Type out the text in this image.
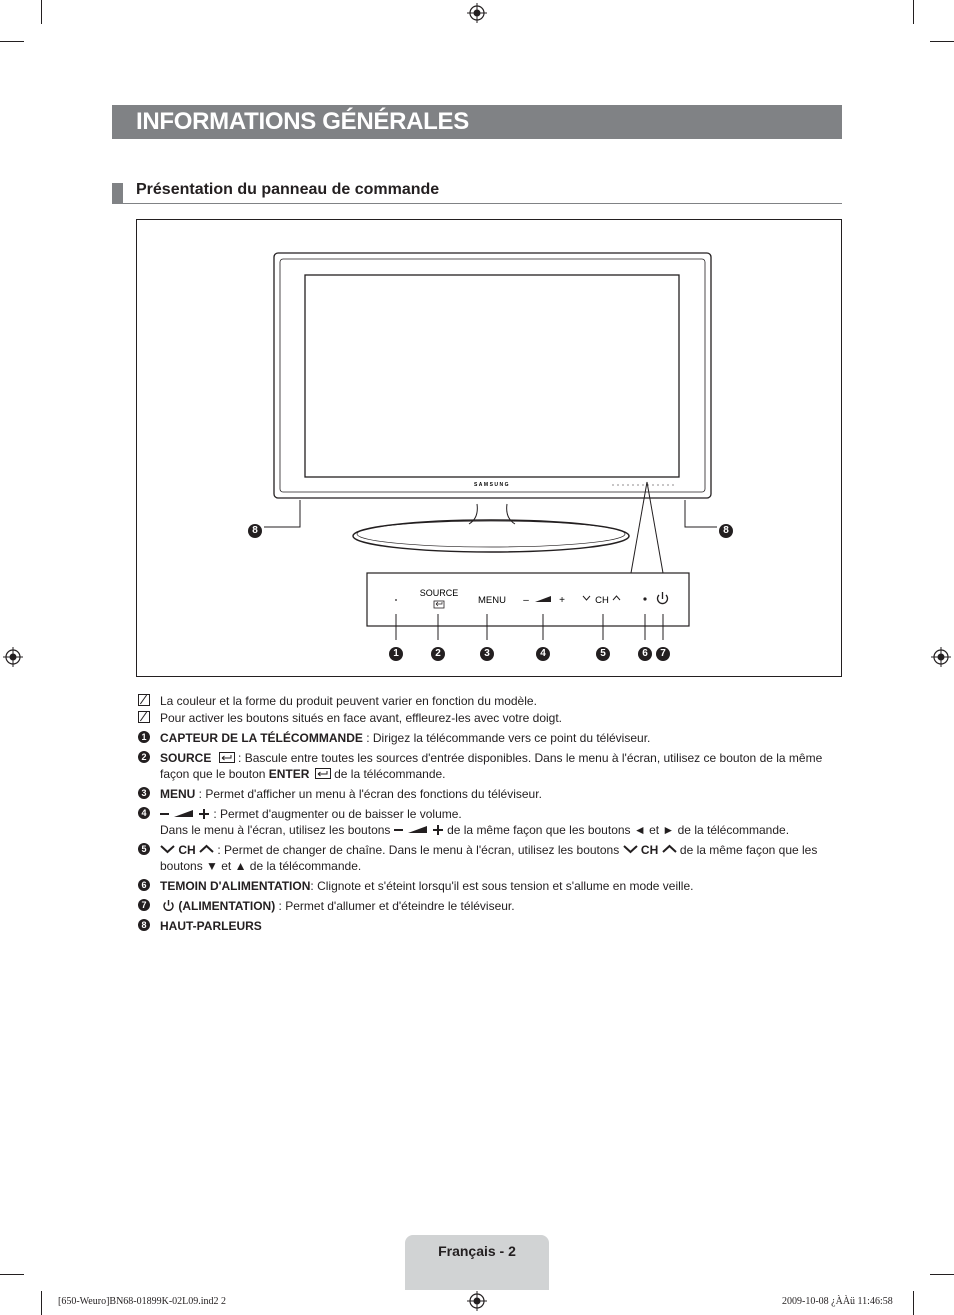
INFORMATIONS GÉNÉRALES
Présentation du panneau de commande
SAMSUNG
SOURCE
MENU –	+	CH
1	2	3	4	5	6	7
8	8
La couleur et la forme du produit peuvent varier en fonction du modèle.
Pour activer les boutons situés en face avant, effleurez-les avec votre doigt.
1 CAPTEUR DE LA TÉLÉCOMMANDE : Dirigez la télécommande vers ce point du téléviseur.
2 SOURCE  : Bascule entre toutes les sources d'entrée disponibles. Dans le menu à l'écran, utilisez ce bouton de la même façon que le bouton ENTER  de la télécommande.
3 MENU : Permet d'afficher un menu à l'écran des fonctions du téléviseur.
4	: Permet d'augmenter ou de baisser le volume.
Dans le menu à l'écran, utilisez les boutons	de la même façon que les boutons ◄ et ► de la télécommande.
5	CH  : Permet de changer de chaîne. Dans le menu à l'écran, utilisez les boutons  CH  de la même façon que les boutons ▼ et ▲ de la télécommande.
6 TEMOIN D'ALIMENTATION: Clignote et s'éteint lorsqu'il est sous tension et s'allume en mode veille.
7	(ALIMENTATION) : Permet d'allumer et d'éteindre le téléviseur.
8 HAUT-PARLEURS
Français - 2
[650-Weuro]BN68-01899K-02L09.ind2 2	2009-10-08 ¿ÀÀü 11:46:58
